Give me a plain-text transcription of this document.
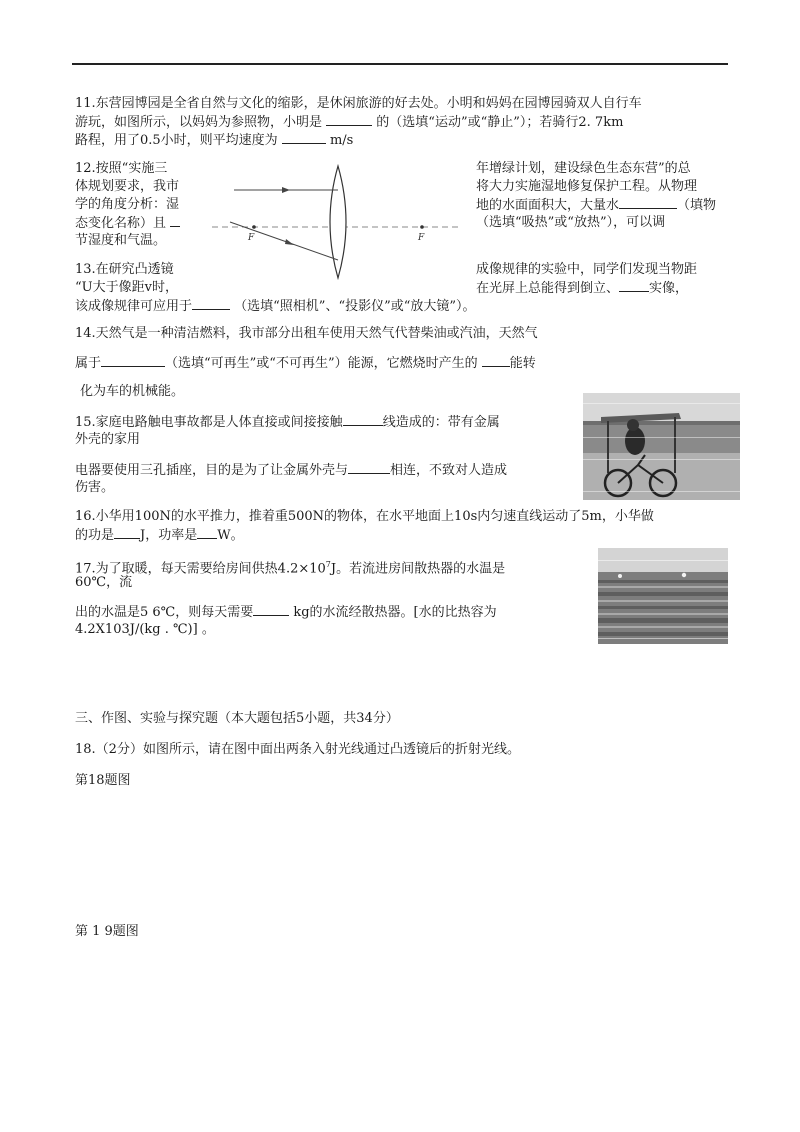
11.东营园博园是全省自然与文化的缩影，是休闲旅游的好去处。小明和妈妈在园博园骑双人自行车
游玩，如图所示，以妈妈为参照物，小明是	的（选填“运动”或“静止”）；若骑行2. 7km
路程，用了0.5小时，则平均速度为	m/s
12.按照“实施三
体规划要求，我市
学的角度分析：湿
态变化名称）且
节湿度和气温。
年增绿计划，建设绿色生态东营”的总
将大力实施湿地修复保护工程。从物理
地的水面面积大，大量水	（填物
（选填“吸热”或“放热”），可以调
F	F
13.在研究凸透镜
“U大于像距v时，
成像规律的实验中，同学们发现当物距
在光屏上总能得到倒立、 实像，
该成像规律可应用于	（选填“照相机”、“投影仪”或“放大镜”）。
14.天然气是一种清洁燃料，我市部分出租车使用天然气代替柴油或汽油，天然气
属于	（选填“可再生”或“不可再生”）能源，它燃烧时产生的 能转
化为车的机械能。
15.家庭电路触电事故都是人体直接或间接接触	线造成的：带有金属
外壳的家用
电器要使用三孔插座，目的是为了让金属外壳与	相连，不致对人造成
伤害。
16.小华用100N的水平推力，推着重500N的物体，在水平地面上10s内匀速直线运动了5m，小华做
的功是 J，功率是 W。
17.为了取暖，每天需要给房间供热$4.2\times 10^7J$。若流进房间散热器的水温是
60℃，流
出的水温是5 6℃，则每天需要	kg的水流经散热器。[水的比热容为
4.2X103J/(kg . ℃)] 。
三、作图、实验与探究题（本大题包括5小题，共34分）
18.（2分）如图所示，请在图中面出两条入射光线通过凸透镜后的折射光线。
第18题图
第 1 9题图
